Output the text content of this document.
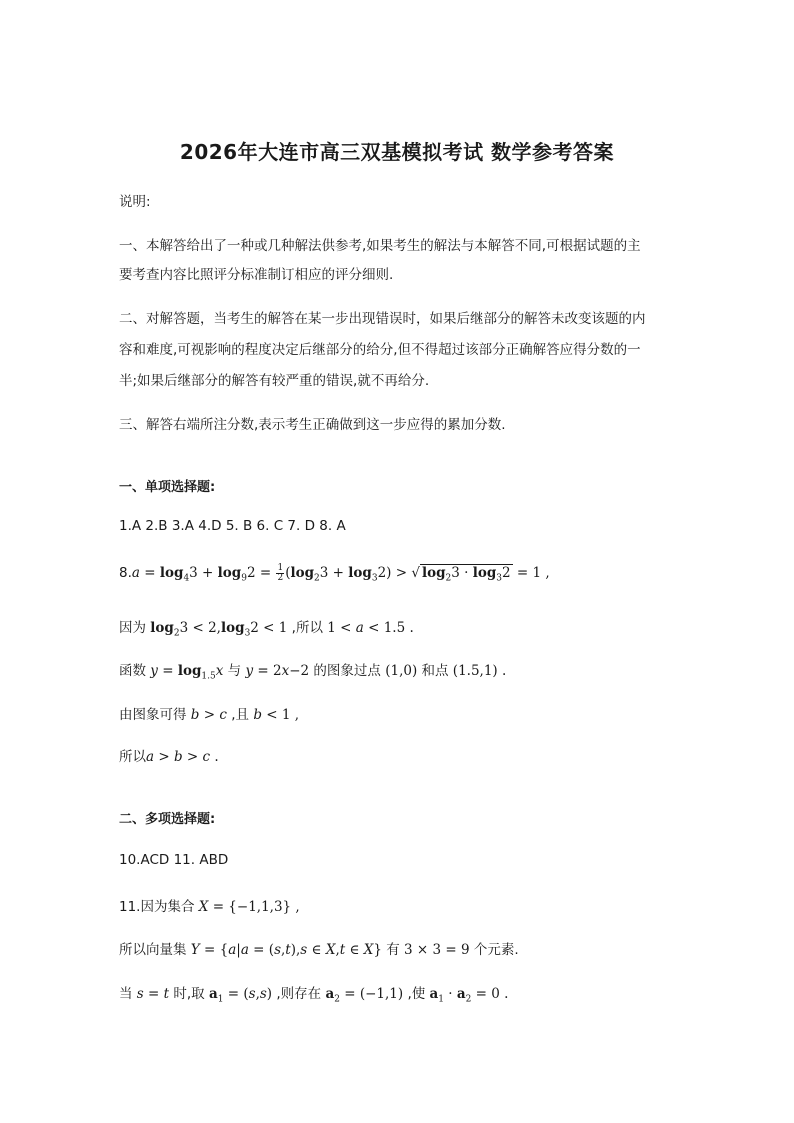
2026年大连市高三双基模拟考试 数学参考答案
说明:
一、本解答给出了一种或几种解法供参考,如果考生的解法与本解答不同,可根据试题的主
要考查内容比照评分标准制订相应的评分细则.
二、对解答题，当考生的解答在某一步出现错误时，如果后继部分的解答未改变该题的内
容和难度,可视影响的程度决定后继部分的给分,但不得超过该部分正确解答应得分数的一
半;如果后继部分的解答有较严重的错误,就不再给分.
三、解答右端所注分数,表示考生正确做到这一步应得的累加分数.
一、单项选择题:
1.A 2.B 3.A 4.D 5. B 6. C 7. D 8. A
$8.a = \log_43 + \log_92 = \frac{1}{2} (\log_23 + \log_32)$ > √ $\log_23 \cdot \log_32 = 1$ ,
因为 $\log_23 < 2,\log_32 < 1$ ,所以 1 < a < 1.5 .
函数 $y = \log_{1.5}x$ 与 y = 2x−2 的图象过点 (1,0) 和点 (1.5,1) .
由图象可得 b > c ,且 b < 1 ,
所以a > b > c .
二、多项选择题:
10.ACD 11. ABD
11.因为集合 X = {−1,1,3} ,
所以向量集 Y = {a|a = (s,t),s ∈ X,t ∈ X} 有 3 × 3 = 9 个元素.
当 s = t 时,取 $a_1 = (s,s)$ ,则存在 $a_2 = (-1,1)$ ,使 $a_1 \cdot a_2 = 0$ .
